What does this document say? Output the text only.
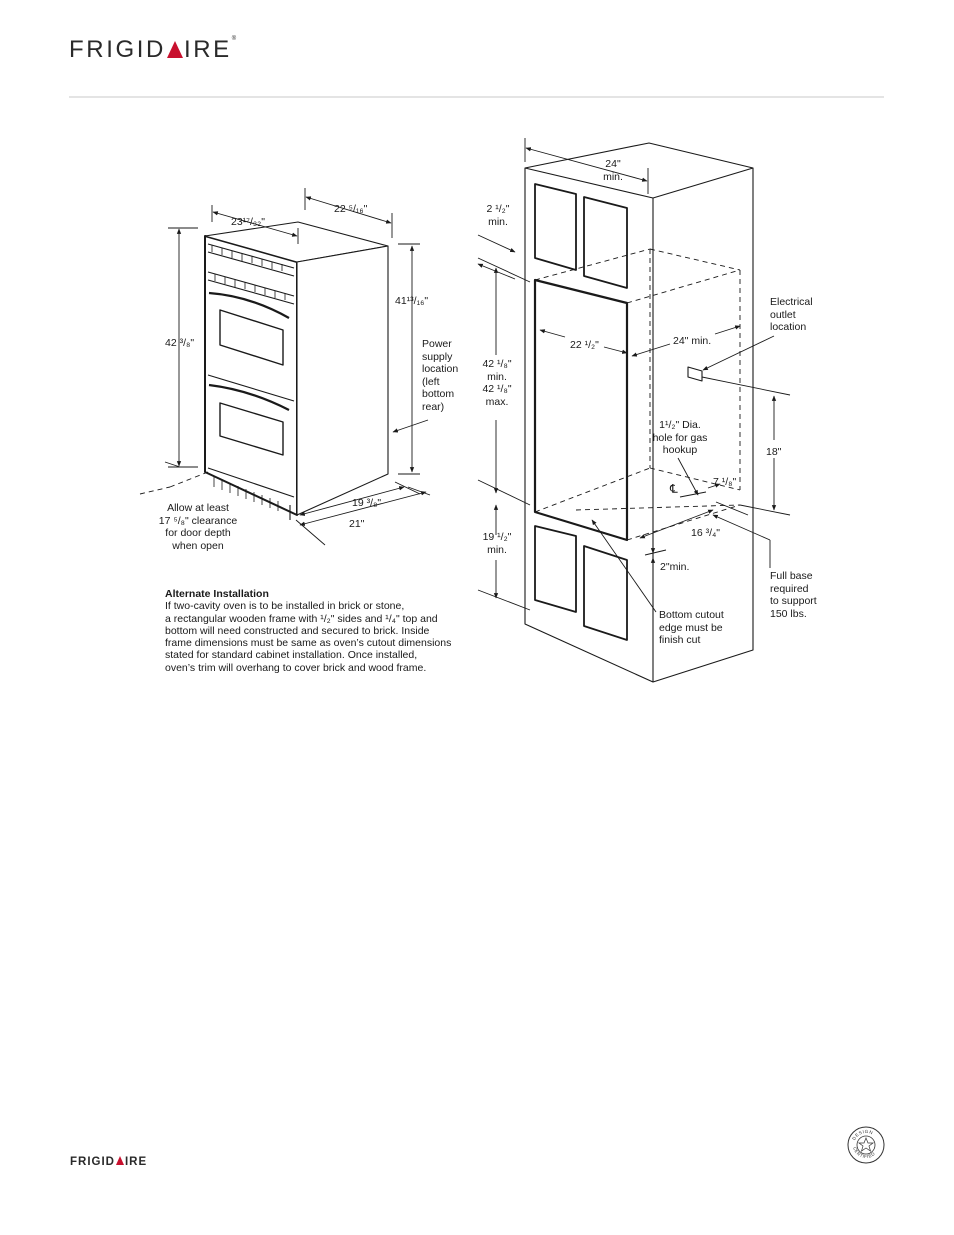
FRIGID IRE®
23¹⁷/₃₂"
22 ⁵/₁₆"
42 ³/₈"
41¹³/₁₆"
Power
supply
location
(left
bottom
rear)
19 ³/₈"
21"
Allow at least
17 ⁵/₈" clearance
for door depth
when open
24"
min.
2 ¹/₂"
min.
42 ¹/₈"
min.
42 ¹/₈"
max.
22 ¹/₂"	24" min.
Electrical
outlet
location
18"
1¹/₂" Dia.
hole for gas
hookup
℄	7 ¹/₈"
16 ³/₄"
19 ¹/₂"
min.
2"min.
Full base
required
to support
150 lbs.
Bottom cutout
edge must be
finish cut
Alternate Installation
If two-cavity oven is to be installed in brick or stone,
a rectangular wooden frame with ¹/₂" sides and ¹/₄" top and
bottom will need constructed and secured to brick. Inside
frame dimensions must be same as oven’s cutout dimensions
stated for standard cabinet installation. Once installed,
oven’s trim will overhang to cover brick and wood frame.
FRIGID IRE
DESIGN
CERTIFIED
